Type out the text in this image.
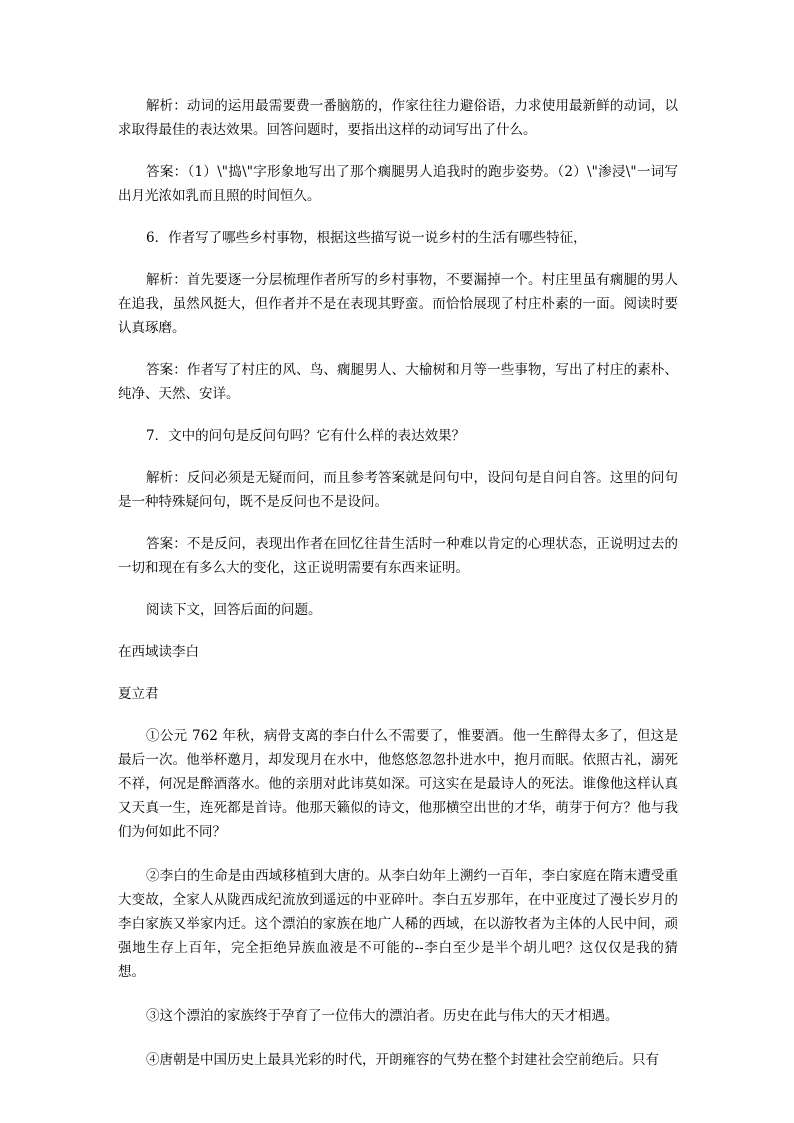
解析：动词的运用最需要费一番脑筋的，作家往往力避俗语，力求使用最新鲜的动词，以求取得最佳的表达效果。回答问题时，要指出这样的动词写出了什么。

答案：（1）\"捣\"字形象地写出了那个瘸腿男人追我时的跑步姿势。（2）\"渗浸\"一词写出月光浓如乳而且照的时间恒久。

6．作者写了哪些乡村事物，根据这些描写说一说乡村的生活有哪些特征，

解析：首先要逐一分层梳理作者所写的乡村事物，不要漏掉一个。村庄里虽有瘸腿的男人在追我，虽然风挺大，但作者并不是在表现其野蛮。而恰恰展现了村庄朴素的一面。阅读时要认真琢磨。

答案：作者写了村庄的风、鸟、瘸腿男人、大榆树和月等一些事物，写出了村庄的素朴、纯净、天然、安详。

7．文中的问句是反问句吗？它有什么样的表达效果？

解析：反问必须是无疑而问，而且参考答案就是问句中，设问句是自问自答。这里的问句是一种特殊疑问句，既不是反问也不是设问。

答案：不是反问，表现出作者在回忆往昔生活时一种难以肯定的心理状态，正说明过去的一切和现在有多么大的变化，这正说明需要有东西来证明。

阅读下文，回答后面的问题。

在西域读李白

夏立君

①公元 762 年秋，病骨支离的李白什么不需要了，惟要酒。他一生醉得太多了，但这是最后一次。他举杯邀月，却发现月在水中，他悠悠忽忽扑进水中，抱月而眠。依照古礼，溺死不祥，何况是醉酒落水。他的亲朋对此讳莫如深。可这实在是最诗人的死法。谁像他这样认真又天真一生，连死都是首诗。他那天籁似的诗文，他那横空出世的才华，萌芽于何方？他与我们为何如此不同？

②李白的生命是由西域移植到大唐的。从李白幼年上溯约一百年，李白家庭在隋末遭受重大变故，全家人从陇西成纪流放到遥远的中亚碎叶。李白五岁那年，在中亚度过了漫长岁月的李白家族又举家内迁。这个漂泊的家族在地广人稀的西域，在以游牧者为主体的人民中间，顽强地生存上百年，完全拒绝异族血液是不可能的--李白至少是半个胡儿吧？这仅仅是我的猜想。

③这个漂泊的家族终于孕育了一位伟大的漂泊者。历史在此与伟大的天才相遇。

④唐朝是中国历史上最具光彩的时代，开朗雍容的气势在整个封建社会空前绝后。只有
